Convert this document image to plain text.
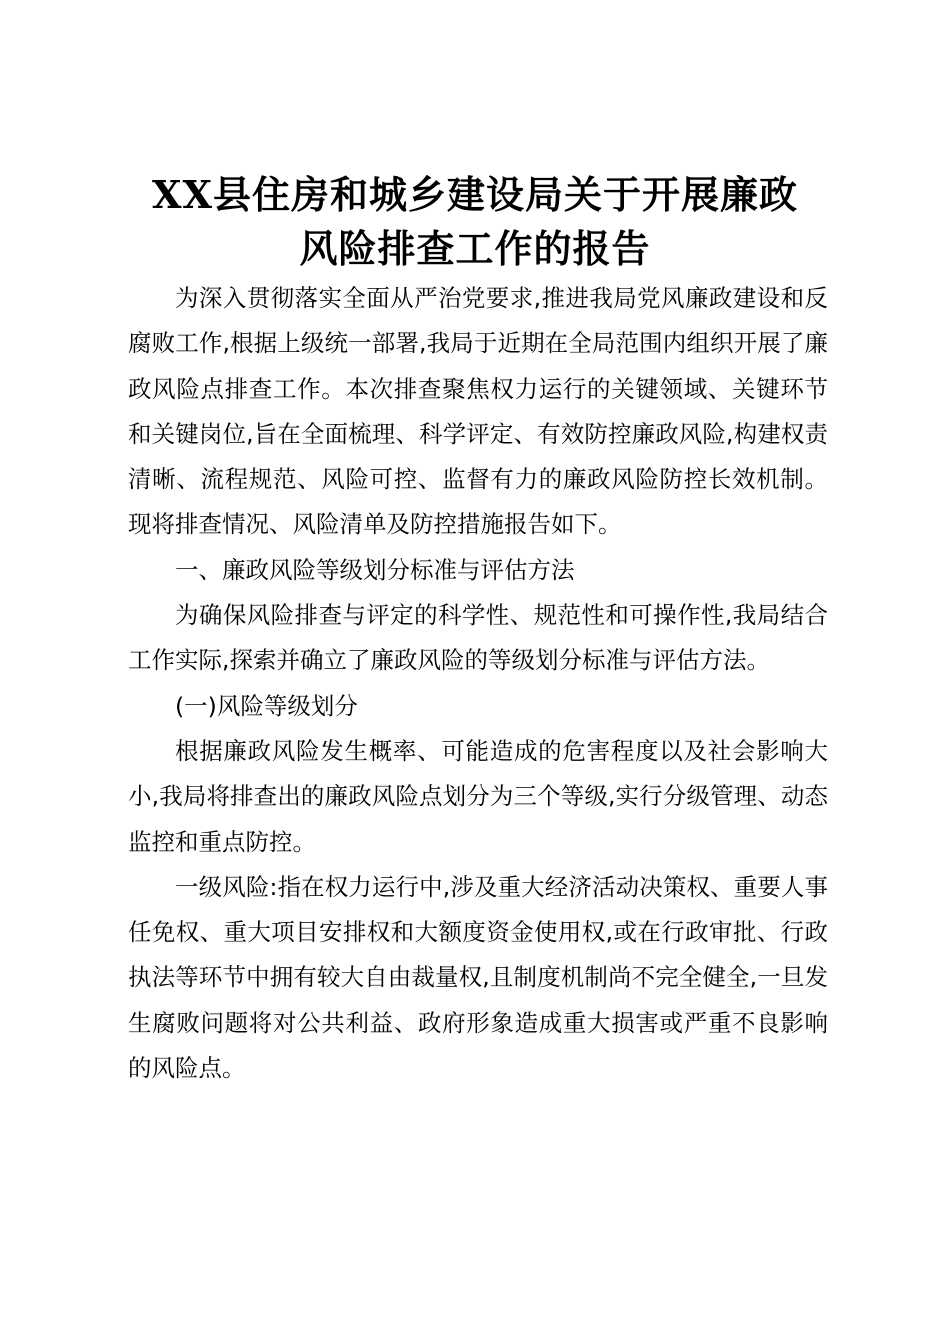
XX县住房和城乡建设局关于开展廉政
风险排查工作的报告

为深入贯彻落实全面从严治党要求,推进我局党风廉政建设和反腐败工作,根据上级统一部署,我局于近期在全局范围内组织开展了廉政风险点排查工作。本次排查聚焦权力运行的关键领域、关键环节和关键岗位,旨在全面梳理、科学评定、有效防控廉政风险,构建权责清晰、流程规范、风险可控、监督有力的廉政风险防控长效机制。现将排查情况、风险清单及防控措施报告如下。

一、廉政风险等级划分标准与评估方法

为确保风险排查与评定的科学性、规范性和可操作性,我局结合工作实际,探索并确立了廉政风险的等级划分标准与评估方法。

(一)风险等级划分

根据廉政风险发生概率、可能造成的危害程度以及社会影响大小,我局将排查出的廉政风险点划分为三个等级,实行分级管理、动态监控和重点防控。

一级风险:指在权力运行中,涉及重大经济活动决策权、重要人事任免权、重大项目安排权和大额度资金使用权,或在行政审批、行政执法等环节中拥有较大自由裁量权,且制度机制尚不完全健全,一旦发生腐败问题将对公共利益、政府形象造成重大损害或严重不良影响的风险点。
